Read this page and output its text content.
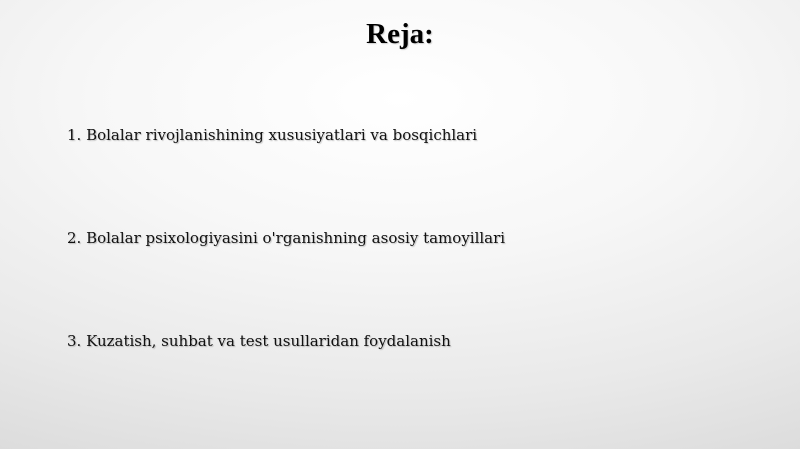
Reja:
1. Bolalar rivojlanishining xususiyatlari va bosqichlari
2. Bolalar psixologiyasini o'rganishning asosiy tamoyillari
3. Kuzatish, suhbat va test usullaridan foydalanish
